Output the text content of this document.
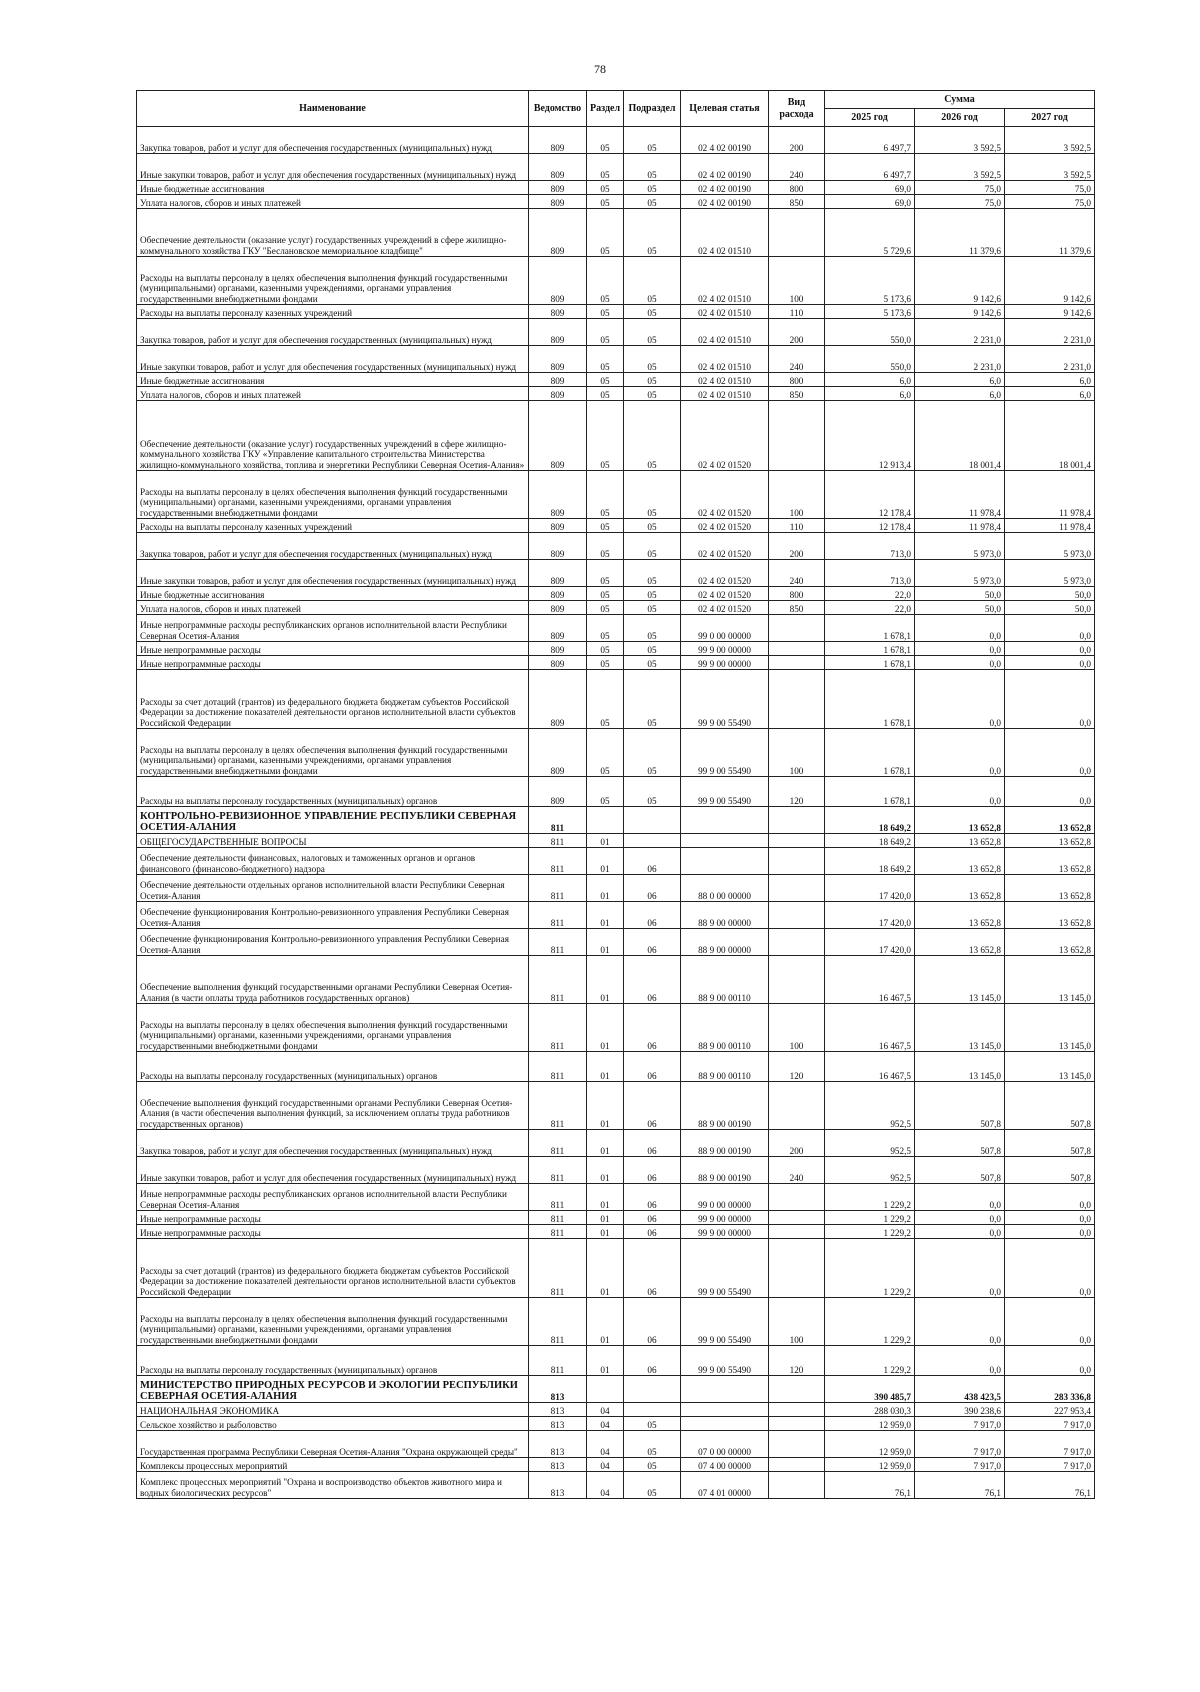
78
Наименование	Ведомство	Раздел	Подраздел	Целевая статья	Вид расхода	Сумма		
						2025 год	2026 год	2027 год
Закупка товаров, работ и услуг для обеспечения государственных (муниципальных) нужд	809	05	05	02 4 02 00190	200	6 497,7	3 592,5	3 592,5
Иные закупки товаров, работ и услуг для обеспечения государственных (муниципальных) нужд	809	05	05	02 4 02 00190	240	6 497,7	3 592,5	3 592,5
Иные бюджетные ассигнования	809	05	05	02 4 02 00190	800	69,0	75,0	75,0
Уплата налогов, сборов и иных платежей	809	05	05	02 4 02 00190	850	69,0	75,0	75,0
Обеспечение деятельности (оказание услуг) государственных учреждений в сфере жилищно-коммунального хозяйства ГКУ "Беслановское мемориальное кладбище"	809	05	05	02 4 02 01510		5 729,6	11 379,6	11 379,6
Расходы на выплаты персоналу в целях обеспечения выполнения функций государственными (муниципальными) органами, казенными учреждениями, органами управления государственными внебюджетными фондами	809	05	05	02 4 02 01510	100	5 173,6	9 142,6	9 142,6
Расходы на выплаты персоналу казенных учреждений	809	05	05	02 4 02 01510	110	5 173,6	9 142,6	9 142,6
Закупка товаров, работ и услуг для обеспечения государственных (муниципальных) нужд	809	05	05	02 4 02 01510	200	550,0	2 231,0	2 231,0
Иные закупки товаров, работ и услуг для обеспечения государственных (муниципальных) нужд	809	05	05	02 4 02 01510	240	550,0	2 231,0	2 231,0
Иные бюджетные ассигнования	809	05	05	02 4 02 01510	800	6,0	6,0	6,0
Уплата налогов, сборов и иных платежей	809	05	05	02 4 02 01510	850	6,0	6,0	6,0
Обеспечение деятельности (оказание услуг) государственных учреждений в сфере жилищно-коммунального хозяйства ГКУ «Управление капитального строительства Министерства жилищно-коммунального хозяйства, топлива и энергетики Республики Северная Осетия-Алания»	809	05	05	02 4 02 01520		12 913,4	18 001,4	18 001,4
Расходы на выплаты персоналу в целях обеспечения выполнения функций государственными (муниципальными) органами, казенными учреждениями, органами управления государственными внебюджетными фондами	809	05	05	02 4 02 01520	100	12 178,4	11 978,4	11 978,4
Расходы на выплаты персоналу казенных учреждений	809	05	05	02 4 02 01520	110	12 178,4	11 978,4	11 978,4
Закупка товаров, работ и услуг для обеспечения государственных (муниципальных) нужд	809	05	05	02 4 02 01520	200	713,0	5 973,0	5 973,0
Иные закупки товаров, работ и услуг для обеспечения государственных (муниципальных) нужд	809	05	05	02 4 02 01520	240	713,0	5 973,0	5 973,0
Иные бюджетные ассигнования	809	05	05	02 4 02 01520	800	22,0	50,0	50,0
Уплата налогов, сборов и иных платежей	809	05	05	02 4 02 01520	850	22,0	50,0	50,0
Иные непрограммные расходы республиканских органов исполнительной власти Республики Северная Осетия-Алания	809	05	05	99 0 00 00000		1 678,1	0,0	0,0
Иные непрограммные расходы	809	05	05	99 9 00 00000		1 678,1	0,0	0,0
Иные непрограммные расходы	809	05	05	99 9 00 00000		1 678,1	0,0	0,0
Расходы за счет дотаций (грантов) из федерального бюджета бюджетам субъектов Российской Федерации за достижение показателей деятельности органов исполнительной власти субъектов Российской Федерации	809	05	05	99 9 00 55490		1 678,1	0,0	0,0
Расходы на выплаты персоналу в целях обеспечения выполнения функций государственными (муниципальными) органами, казенными учреждениями, органами управления государственными внебюджетными фондами	809	05	05	99 9 00 55490	100	1 678,1	0,0	0,0
Расходы на выплаты персоналу государственных (муниципальных) органов	809	05	05	99 9 00 55490	120	1 678,1	0,0	0,0
КОНТРОЛЬНО-РЕВИЗИОННОЕ УПРАВЛЕНИЕ РЕСПУБЛИКИ СЕВЕРНАЯ ОСЕТИЯ-АЛАНИЯ	811					18 649,2	13 652,8	13 652,8
ОБЩЕГОСУДАРСТВЕННЫЕ ВОПРОСЫ	811	01				18 649,2	13 652,8	13 652,8
Обеспечение деятельности финансовых, налоговых и таможенных органов и органов финансового (финансово-бюджетного) надзора	811	01	06			18 649,2	13 652,8	13 652,8
Обеспечение деятельности отдельных органов исполнительной власти Республики Северная Осетия-Алания	811	01	06	88 0 00 00000		17 420,0	13 652,8	13 652,8
Обеспечение функционирования Контрольно-ревизионного управления Республики Северная Осетия-Алания	811	01	06	88 9 00 00000		17 420,0	13 652,8	13 652,8
Обеспечение функционирования Контрольно-ревизионного управления Республики Северная Осетия-Алания	811	01	06	88 9 00 00000		17 420,0	13 652,8	13 652,8
Обеспечение выполнения функций государственными органами Республики Северная Осетия-Алания (в части оплаты труда работников государственных органов)	811	01	06	88 9 00 00110		16 467,5	13 145,0	13 145,0
Расходы на выплаты персоналу в целях обеспечения выполнения функций государственными (муниципальными) органами, казенными учреждениями, органами управления государственными внебюджетными фондами	811	01	06	88 9 00 00110	100	16 467,5	13 145,0	13 145,0
Расходы на выплаты персоналу государственных (муниципальных) органов	811	01	06	88 9 00 00110	120	16 467,5	13 145,0	13 145,0
Обеспечение выполнения функций государственными органами Республики Северная Осетия-Алания (в части обеспечения выполнения функций, за исключением оплаты труда работников государственных органов)	811	01	06	88 9 00 00190		952,5	507,8	507,8
Закупка товаров, работ и услуг для обеспечения государственных (муниципальных) нужд	811	01	06	88 9 00 00190	200	952,5	507,8	507,8
Иные закупки товаров, работ и услуг для обеспечения государственных (муниципальных) нужд	811	01	06	88 9 00 00190	240	952,5	507,8	507,8
Иные непрограммные расходы республиканских органов исполнительной власти Республики Северная Осетия-Алания	811	01	06	99 0 00 00000		1 229,2	0,0	0,0
Иные непрограммные расходы	811	01	06	99 9 00 00000		1 229,2	0,0	0,0
Иные непрограммные расходы	811	01	06	99 9 00 00000		1 229,2	0,0	0,0
Расходы за счет дотаций (грантов) из федерального бюджета бюджетам субъектов Российской Федерации за достижение показателей деятельности органов исполнительной власти субъектов Российской Федерации	811	01	06	99 9 00 55490		1 229,2	0,0	0,0
Расходы на выплаты персоналу в целях обеспечения выполнения функций государственными (муниципальными) органами, казенными учреждениями, органами управления государственными внебюджетными фондами	811	01	06	99 9 00 55490	100	1 229,2	0,0	0,0
Расходы на выплаты персоналу государственных (муниципальных) органов	811	01	06	99 9 00 55490	120	1 229,2	0,0	0,0
МИНИСТЕРСТВО ПРИРОДНЫХ РЕСУРСОВ И ЭКОЛОГИИ РЕСПУБЛИКИ СЕВЕРНАЯ ОСЕТИЯ-АЛАНИЯ	813					390 485,7	438 423,5	283 336,8
НАЦИОНАЛЬНАЯ ЭКОНОМИКА	813	04				288 030,3	390 238,6	227 953,4
Сельское хозяйство и рыболовство	813	04	05			12 959,0	7 917,0	7 917,0
Государственная программа Республики Северная Осетия-Алания "Охрана окружающей среды"	813	04	05	07 0 00 00000		12 959,0	7 917,0	7 917,0
Комплексы процессных мероприятий	813	04	05	07 4 00 00000		12 959,0	7 917,0	7 917,0
Комплекс процессных мероприятий "Охрана и воспроизводство объектов животного мира и водных биологических ресурсов"	813	04	05	07 4 01 00000		76,1	76,1	76,1
